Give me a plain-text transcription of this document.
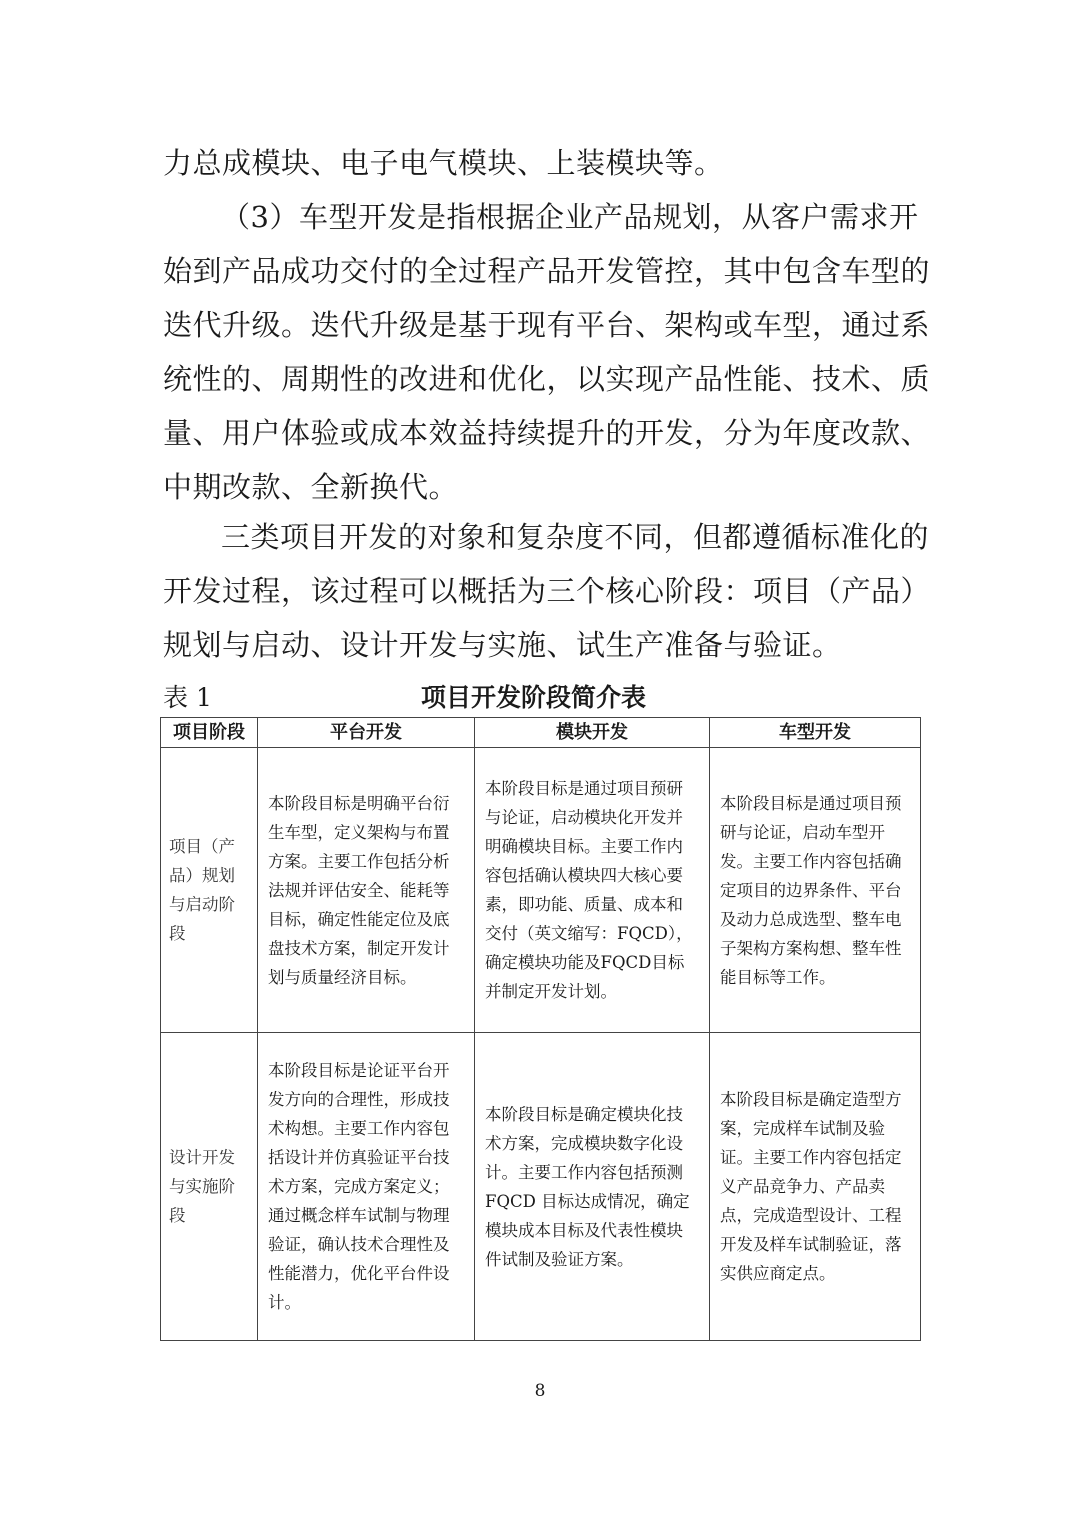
力总成模块、电子电气模块、上装模块等。
（3）车型开发是指根据企业产品规划，从客户需求开
始到产品成功交付的全过程产品开发管控，其中包含车型的
迭代升级。迭代升级是基于现有平台、架构或车型，通过系
统性的、周期性的改进和优化，以实现产品性能、技术、质
量、用户体验或成本效益持续提升的开发，分为年度改款、
中期改款、全新换代。
三类项目开发的对象和复杂度不同，但都遵循标准化的
开发过程，该过程可以概括为三个核心阶段：项目（产品）
规划与启动、设计开发与实施、试生产准备与验证。
表 1	项目开发阶段简介表
项目阶段	平台开发	模块开发	车型开发

项目（产品）规划与启动阶段	本阶段目标是明确平台衍生车型，定义架构与布置方案。主要工作包括分析法规并评估安全、能耗等目标，确定性能定位及底盘技术方案，制定开发计划与质量经济目标。	本阶段目标是通过项目预研与论证，启动模块化开发并明确模块目标。主要工作内容包括确认模块四大核心要素，即功能、质量、成本和交付（英文缩写：FQCD），确定模块功能及FQCD目标并制定开发计划。	本阶段目标是通过项目预研与论证，启动车型开发。主要工作内容包括确定项目的边界条件、平台及动力总成选型、整车电子架构方案构想、整车性能目标等工作。

设计开发与实施阶段	本阶段目标是论证平台开发方向的合理性，形成技术构想。主要工作内容包括设计并仿真验证平台技术方案，完成方案定义；通过概念样车试制与物理验证，确认技术合理性及性能潜力，优化平台件设计。	本阶段目标是确定模块化技术方案，完成模块数字化设计。主要工作内容包括预测 FQCD 目标达成情况，确定模块成本目标及代表性模块件试制及验证方案。	本阶段目标是确定造型方案，完成样车试制及验证。主要工作内容包括定义产品竞争力、产品卖点，完成造型设计、工程开发及样车试制验证，落实供应商定点。
8
